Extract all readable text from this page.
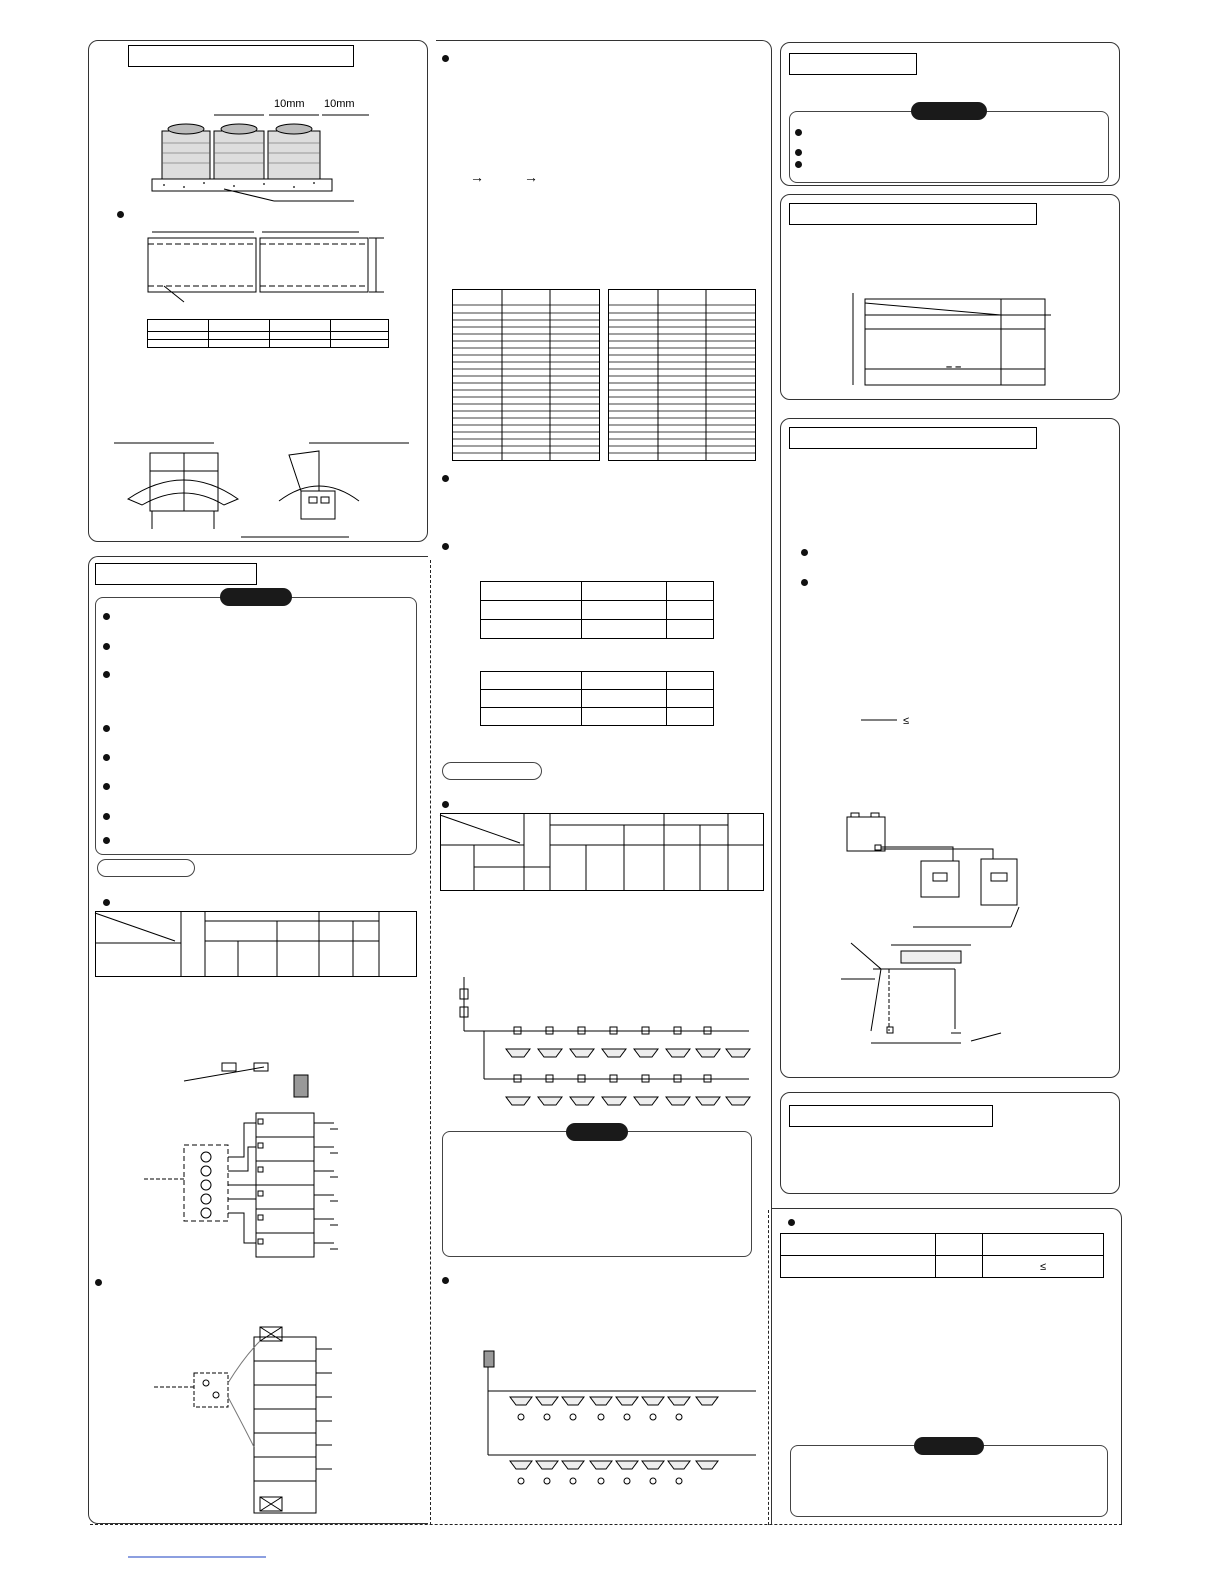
10mm 10mm

→	→

– –
≤

		≤
